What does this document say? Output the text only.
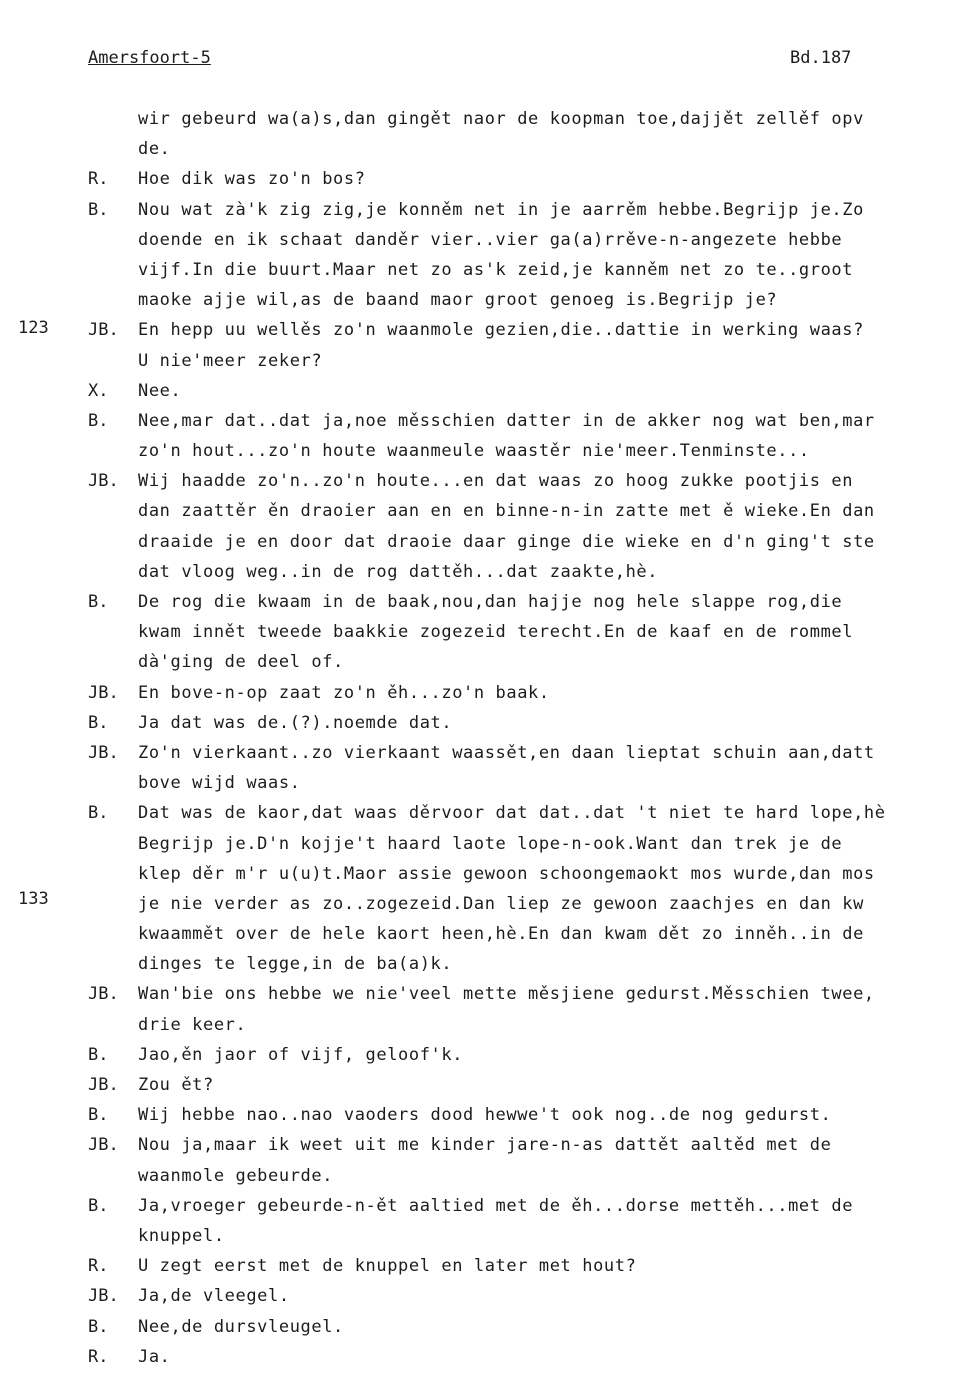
Amersfoort-5	Bd.187
123
133
wir gebeurd wa(a)s,dan gingět naor de koopman toe,dajjět zellěf opv
de.
R. Hoe dik was zo'n bos?
B. Nou wat zà'k zig zig,je konněm net in je aarrěm hebbe.Begrijp je.Zo
doende en ik schaat danděr vier..vier ga(a)rrěve-n-angezete hebbe
vijf.In die buurt.Maar net zo as'k zeid,je kanněm net zo te..groot
maoke ajje wil,as de baand maor groot genoeg is.Begrijp je?
JB. En hepp uu wellěs zo'n waanmole gezien,die..dattie in werking waas?
U nie'meer zeker?
X. Nee.
B. Nee,mar dat..dat ja,noe měsschien datter in de akker nog wat ben,mar
zo'n hout...zo'n houte waanmeule waastěr nie'meer.Tenminste...
JB. Wij haadde zo'n..zo'n houte...en dat waas zo hoog zukke pootjis en
dan zaattěr ěn draoier aan en en binne-n-in zatte met ě wieke.En dan
draaide je en door dat draoie daar ginge die wieke en d'n ging't ste
dat vloog weg..in de rog dattěh...dat zaakte,hè.
B. De rog die kwaam in de baak,nou,dan hajje nog hele slappe rog,die
kwam innět tweede baakkie zogezeid terecht.En de kaaf en de rommel
dà'ging de deel of.
JB. En bove-n-op zaat zo'n ěh...zo'n baak.
B. Ja dat was de.(?).noemde dat.
JB. Zo'n vierkaant..zo vierkaant waassět,en daan lieptat schuin aan,datt
bove wijd waas.
B. Dat was de kaor,dat waas děrvoor dat dat..dat 't niet te hard lope,hè
Begrijp je.D'n kojje't haard laote lope-n-ook.Want dan trek je de
klep děr m'r u(u)t.Maor assie gewoon schoongemaokt mos wurde,dan mos
je nie verder as zo..zogezeid.Dan liep ze gewoon zaachjes en dan kw
kwaammět over de hele kaort heen,hè.En dan kwam dět zo inněh..in de
dinges te legge,in de ba(a)k.
JB. Wan'bie ons hebbe we nie'veel mette měsjiene gedurst.Měsschien twee,
drie keer.
B. Jao,ěn jaor of vijf, geloof'k.
JB. Zou ět?
B. Wij hebbe nao..nao vaoders dood hewwe't ook nog..de nog gedurst.
JB. Nou ja,maar ik weet uit me kinder jare-n-as dattět aaltěd met de
waanmole gebeurde.
B. Ja,vroeger gebeurde-n-ět aaltied met de ěh...dorse mettěh...met de
knuppel.
R. U zegt eerst met de knuppel en later met hout?
JB. Ja,de vleegel.
B. Nee,de dursvleugel.
R. Ja.
